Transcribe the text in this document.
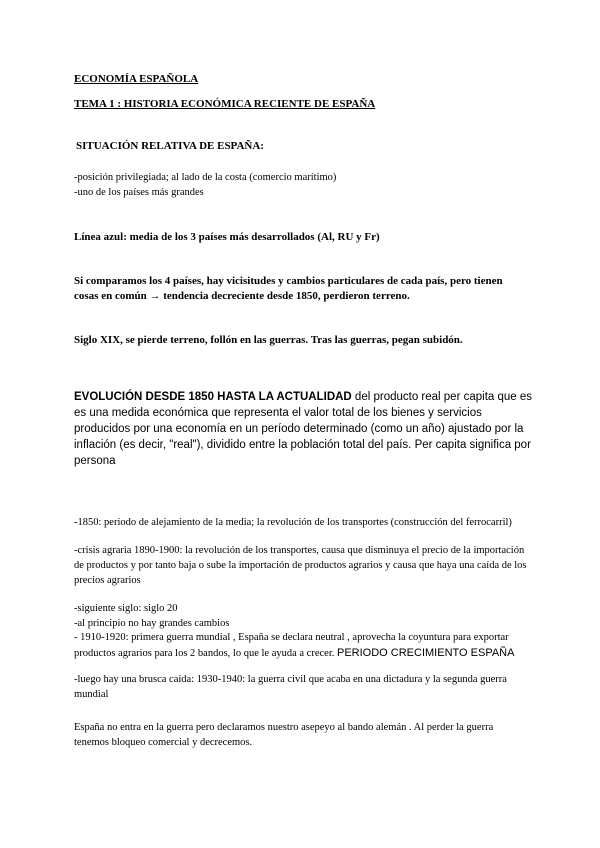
ECONOMÍA ESPAÑOLA
TEMA 1 : HISTORIA ECONÓMICA RECIENTE DE ESPAÑA
SITUACIÓN RELATIVA DE ESPAÑA:
-posición privilegiada; al lado de la costa (comercio marítimo)
-uno de los países más grandes
Línea azul: media de los 3 países más desarrollados (Al, RU y Fr)
Si comparamos los 4 países, hay vicisitudes y cambios particulares de cada país, pero tienen cosas en común → tendencia decreciente desde 1850, perdieron terreno.
Siglo XIX, se pierde terreno, follón en las guerras. Tras las guerras, pegan subidón.
EVOLUCIÓN DESDE 1850 HASTA LA ACTUALIDAD del producto real per capita que es es una medida económica que representa el valor total de los bienes y servicios producidos por una economía en un período determinado (como un año) ajustado por la inflación (es decir, "real"), dividido entre la población total del país. Per capita significa por persona
-1850: periodo de alejamiento de la media; la revolución de los transportes (construcción del ferrocarril)
-crisis agraria 1890-1900: la revolución de los transportes, causa que disminuya el precio de la importación de productos y por tanto baja o sube la importación de productos agrarios y causa que haya una caída de los precios agrarios
-siguiente siglo: siglo 20
-al principio no hay grandes cambios
- 1910-1920: primera guerra mundial , España se declara neutral , aprovecha la coyuntura para exportar productos agrarios para los 2 bandos, lo que le ayuda a crecer. PERIODO CRECIMIENTO ESPAÑA
-luego hay una brusca caída: 1930-1940: la guerra civil que acaba en una dictadura y la segunda guerra mundial
España no entra en la guerra pero declaramos nuestro asepeyo al bando alemán . Al perder la guerra tenemos bloqueo comercial y decrecemos.
